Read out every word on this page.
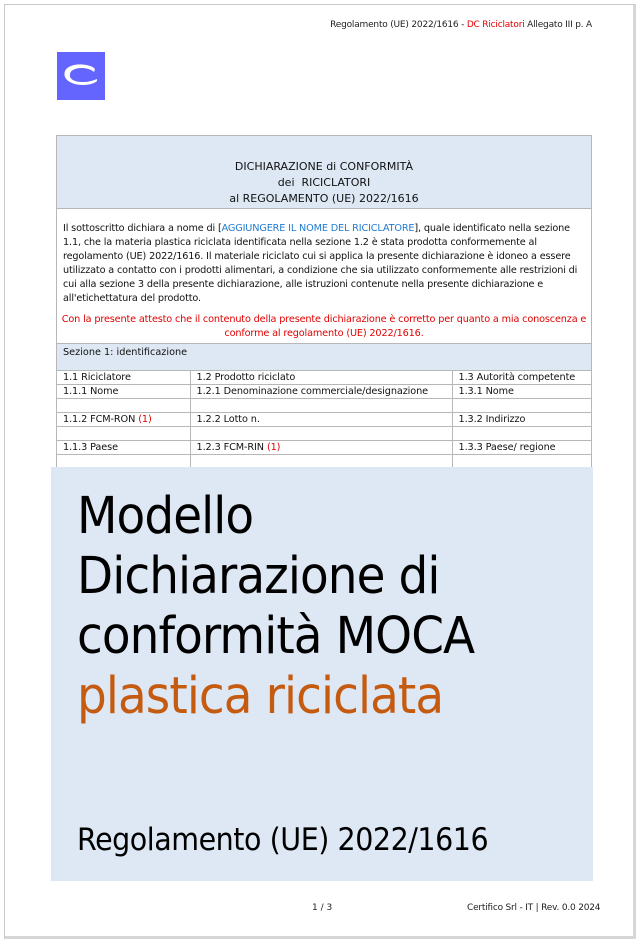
Regolamento (UE) 2022/1616 - DC Riciclatori Allegato III p. A
DICHIARAZIONE di CONFORMITÀ
dei  RICICLATORI
al REGOLAMENTO (UE) 2022/1616
Il sottoscritto dichiara a nome di [AGGIUNGERE IL NOME DEL RICICLATORE], quale identificato nella sezione 1.1, che la materia plastica riciclata identificata nella sezione 1.2 è stata prodotta conformemente al regolamento (UE) 2022/1616. Il materiale riciclato cui si applica la presente dichiarazione è idoneo a essere utilizzato a contatto con i prodotti alimentari, a condizione che sia utilizzato conformemente alle restrizioni di cui alla sezione 3 della presente dichiarazione, alle istruzioni contenute nella presente dichiarazione e all'etichettatura del prodotto.
Con la presente attesto che il contenuto della presente dichiarazione è corretto per quanto a mia conoscenza e conforme al regolamento (UE) 2022/1616.
Sezione 1: identificazione
1.1 Riciclatore	1.2 Prodotto riciclato	1.3 Autorità competente
1.1.1 Nome	1.2.1 Denominazione commerciale/designazione	1.3.1 Nome

1.1.2 FCM-RON (1)	1.2.2 Lotto n.	1.3.2 Indirizzo

1.1.3 Paese	1.2.3 FCM-RIN (1)	1.3.3 Paese/ regione

Modello
Dichiarazione di
conformità MOCA
plastica riciclata
Regolamento (UE) 2022/1616
1 / 3	Certifico Srl - IT | Rev. 0.0 2024
